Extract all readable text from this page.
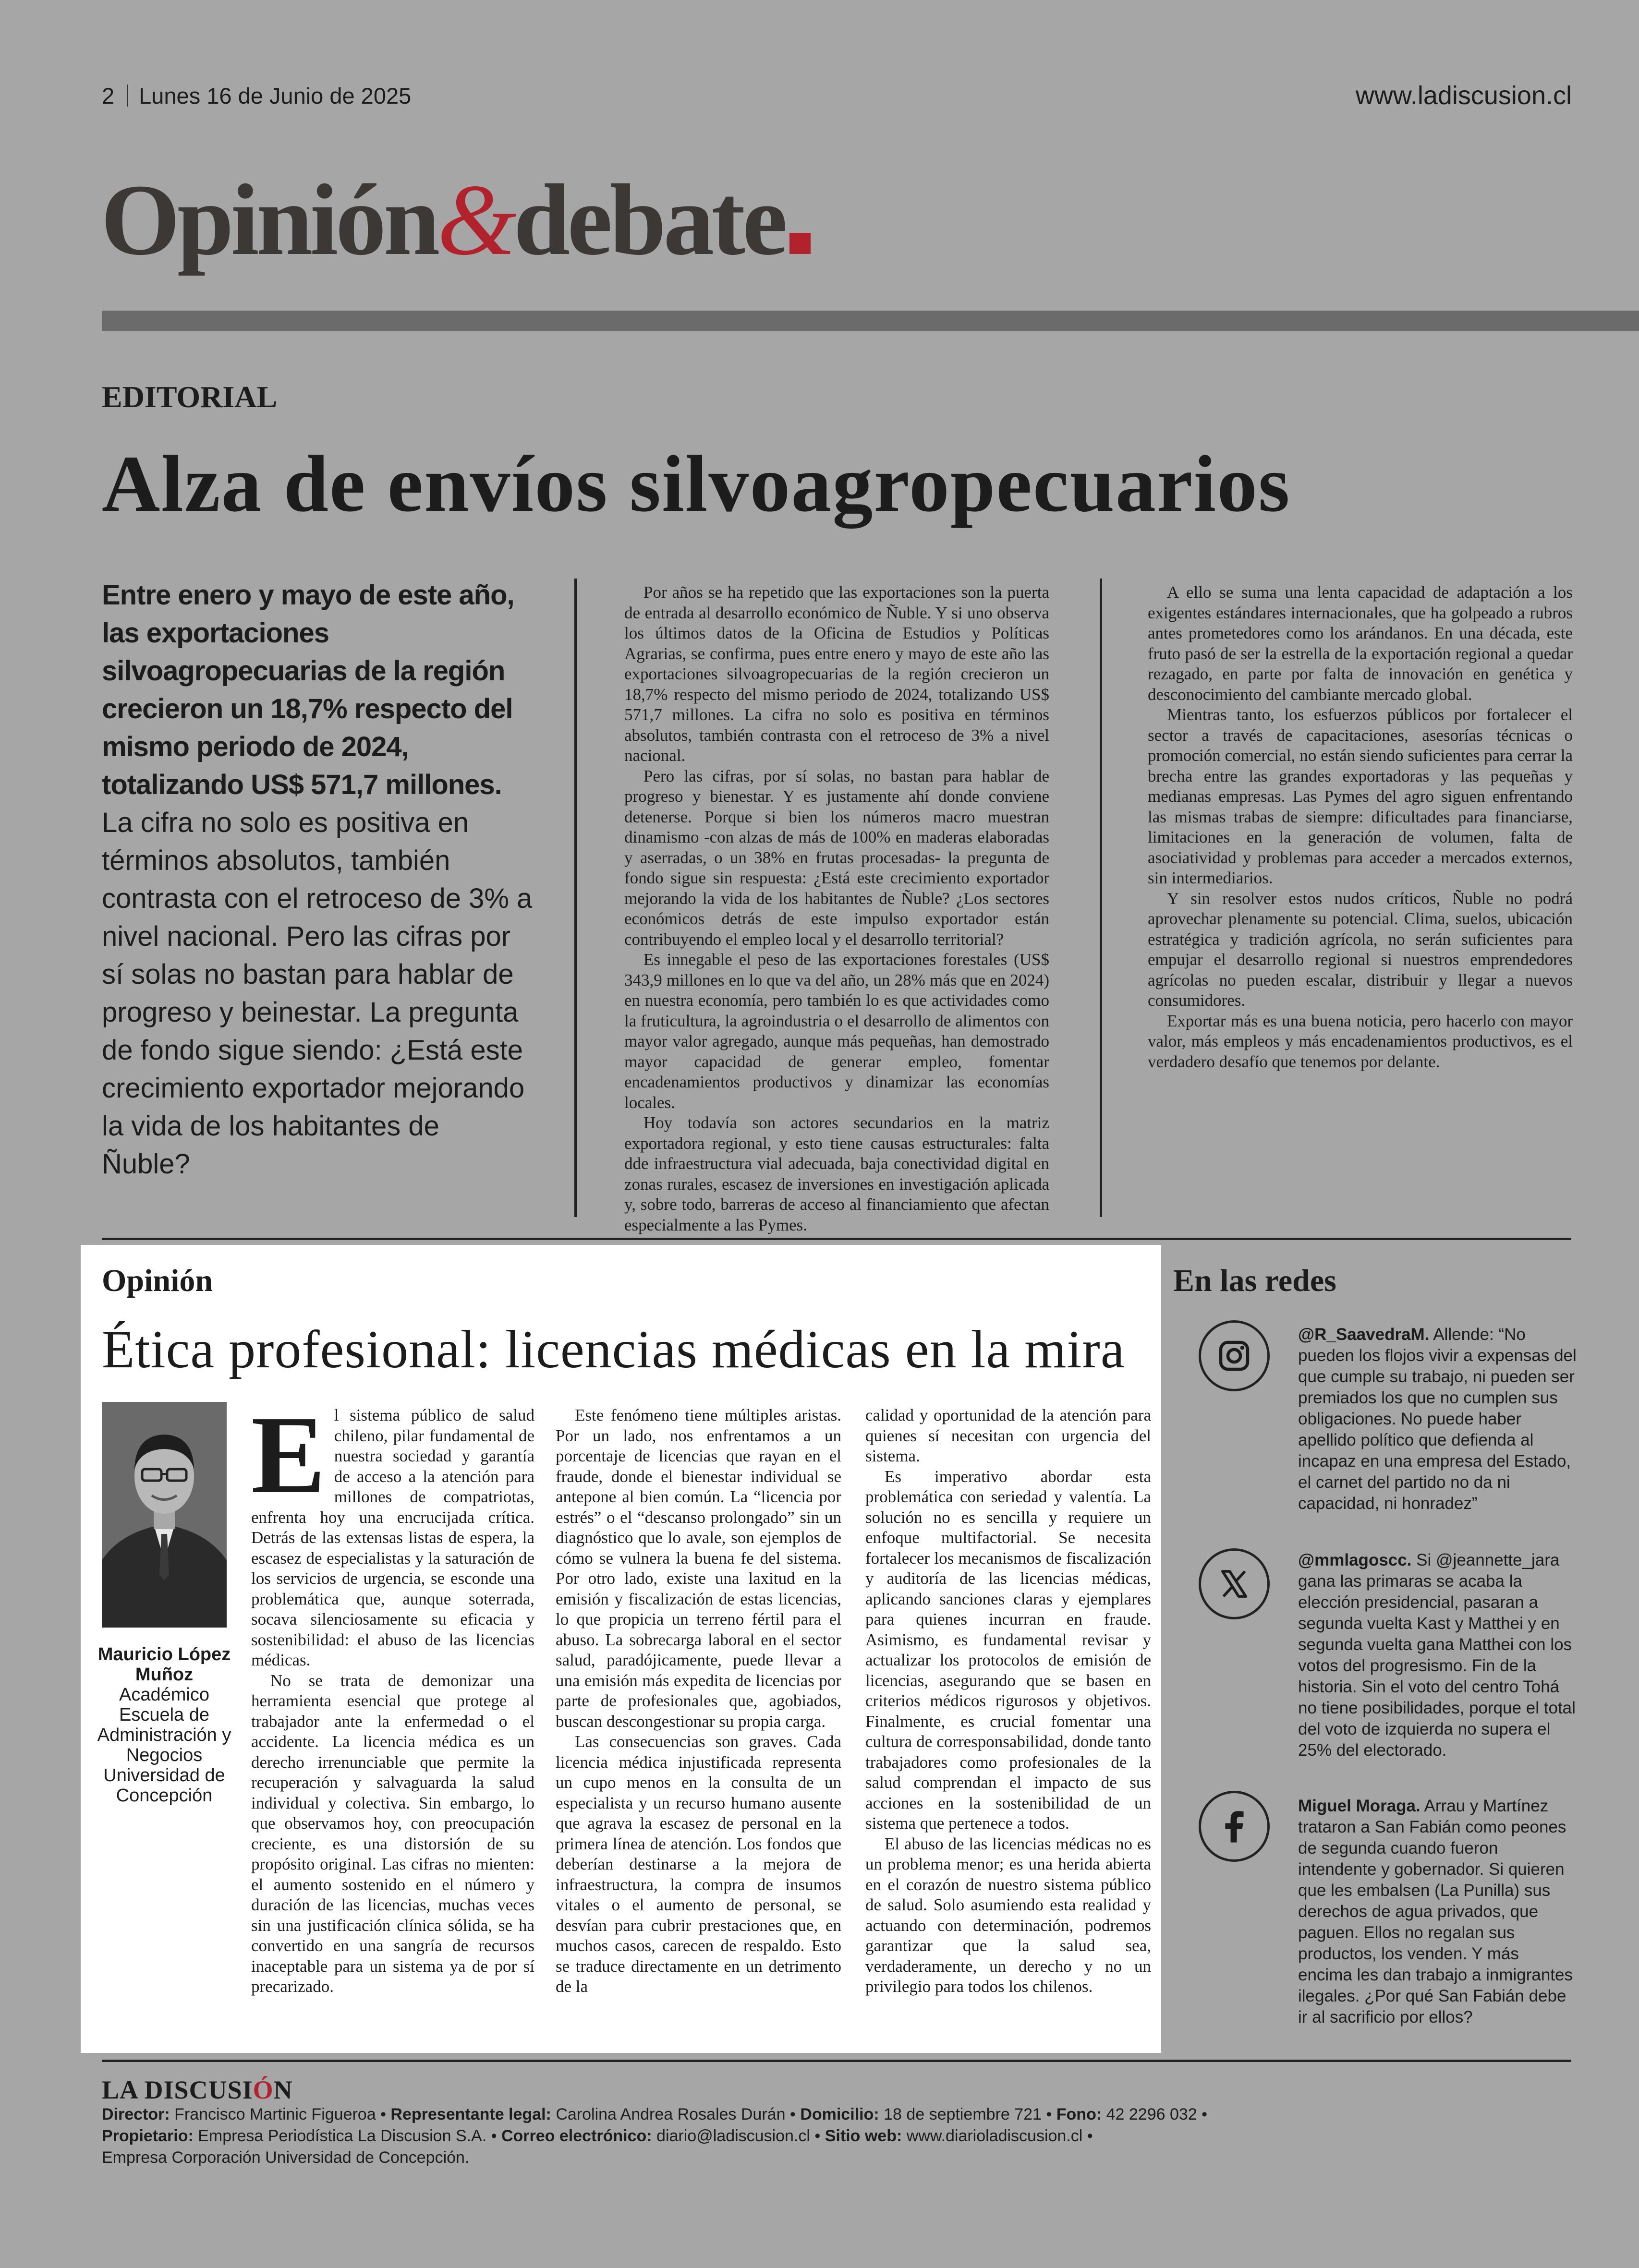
2 Lunes 16 de Junio de 2025	www.ladiscusion.cl
Opinión&debate
EDITORIAL
Alza de envíos silvoagropecuarios
Entre enero y mayo de este año, las exportaciones silvoagropecuarias de la región crecieron un 18,7% respecto del mismo periodo de 2024, totalizando US$ 571,7 millones. La cifra no solo es positiva en términos absolutos, también contrasta con el retroceso de 3% a nivel nacional. Pero las cifras por sí solas no bastan para hablar de progreso y beinestar. La pregunta de fondo sigue siendo: ¿Está este crecimiento exportador mejorando la vida de los habitantes de Ñuble?

Por años se ha repetido que las exportaciones son la puerta de entrada al desarrollo económico de Ñuble. Y si uno observa los últimos datos de la Oficina de Estudios y Políticas Agrarias, se confirma, pues entre enero y mayo de este año las exportaciones silvoagropecuarias de la región crecieron un 18,7% respecto del mismo periodo de 2024, totalizando US$ 571,7 millones. La cifra no solo es positiva en términos absolutos, también contrasta con el retroceso de 3% a nivel nacional.

Pero las cifras, por sí solas, no bastan para hablar de progreso y bienestar. Y es justamente ahí donde conviene detenerse. Porque si bien los números macro muestran dinamismo -con alzas de más de 100% en maderas elaboradas y aserradas, o un 38% en frutas procesadas- la pregunta de fondo sigue sin respuesta: ¿Está este crecimiento exportador mejorando la vida de los habitantes de Ñuble? ¿Los sectores económicos detrás de este impulso exportador están contribuyendo el empleo local y el desarrollo territorial?

Es innegable el peso de las exportaciones forestales (US$ 343,9 millones en lo que va del año, un 28% más que en 2024) en nuestra economía, pero también lo es que actividades como la fruticultura, la agroindustria o el desarrollo de alimentos con mayor valor agregado, aunque más pequeñas, han demostrado mayor capacidad de generar empleo, fomentar encadenamientos productivos y dinamizar las economías locales.

Hoy todavía son actores secundarios en la matriz exportadora regional, y esto tiene causas estructurales: falta dde infraestructura vial adecuada, baja conectividad digital en zonas rurales, escasez de inversiones en investigación aplicada y, sobre todo, barreras de acceso al financiamiento que afectan especialmente a las Pymes.

A ello se suma una lenta capacidad de adaptación a los exigentes estándares internacionales, que ha golpeado a rubros antes prometedores como los arándanos. En una década, este fruto pasó de ser la estrella de la exportación regional a quedar rezagado, en parte por falta de innovación en genética y desconocimiento del cambiante mercado global.

Mientras tanto, los esfuerzos públicos por fortalecer el sector a través de capacitaciones, asesorías técnicas o promoción comercial, no están siendo suficientes para cerrar la brecha entre las grandes exportadoras y las pequeñas y medianas empresas. Las Pymes del agro siguen enfrentando las mismas trabas de siempre: dificultades para financiarse, limitaciones en la generación de volumen, falta de asociatividad y problemas para acceder a mercados externos, sin intermediarios.

Y sin resolver estos nudos críticos, Ñuble no podrá aprovechar plenamente su potencial. Clima, suelos, ubicación estratégica y tradición agrícola, no serán suficientes para empujar el desarrollo regional si nuestros emprendedores agrícolas no pueden escalar, distribuir y llegar a nuevos consumidores.

Exportar más es una buena noticia, pero hacerlo con mayor valor, más empleos y más encadenamientos productivos, es el verdadero desafío que tenemos por delante.

Opinión
Ética profesional: licencias médicas en la mira
Mauricio López Muñoz
Académico Escuela de Administración y Negocios Universidad de Concepción

El sistema público de salud chileno, pilar fundamental de nuestra sociedad y garantía de acceso a la atención para millones de compatriotas, enfrenta hoy una encrucijada crítica. Detrás de las extensas listas de espera, la escasez de especialistas y la saturación de los servicios de urgencia, se esconde una problemática que, aunque soterrada, socava silenciosamente su eficacia y sostenibilidad: el abuso de las licencias médicas.

No se trata de demonizar una herramienta esencial que protege al trabajador ante la enfermedad o el accidente. La licencia médica es un derecho irrenunciable que permite la recuperación y salvaguarda la salud individual y colectiva. Sin embargo, lo que observamos hoy, con preocupación creciente, es una distorsión de su propósito original. Las cifras no mienten: el aumento sostenido en el número y duración de las licencias, muchas veces sin una justificación clínica sólida, se ha convertido en una sangría de recursos inaceptable para un sistema ya de por sí precarizado.

Este fenómeno tiene múltiples aristas. Por un lado, nos enfrentamos a un porcentaje de licencias que rayan en el fraude, donde el bienestar individual se antepone al bien común. La “licencia por estrés” o el “descanso prolongado” sin un diagnóstico que lo avale, son ejemplos de cómo se vulnera la buena fe del sistema. Por otro lado, existe una laxitud en la emisión y fiscalización de estas licencias, lo que propicia un terreno fértil para el abuso. La sobrecarga laboral en el sector salud, paradójicamente, puede llevar a una emisión más expedita de licencias por parte de profesionales que, agobiados, buscan descongestionar su propia carga.

Las consecuencias son graves. Cada licencia médica injustificada representa un cupo menos en la consulta de un especialista y un recurso humano ausente que agrava la escasez de personal en la primera línea de atención. Los fondos que deberían destinarse a la mejora de infraestructura, la compra de insumos vitales o el aumento de personal, se desvían para cubrir prestaciones que, en muchos casos, carecen de respaldo. Esto se traduce directamente en un detrimento de la

calidad y oportunidad de la atención para quienes sí necesitan con urgencia del sistema.

Es imperativo abordar esta problemática con seriedad y valentía. La solución no es sencilla y requiere un enfoque multifactorial. Se necesita fortalecer los mecanismos de fiscalización y auditoría de las licencias médicas, aplicando sanciones claras y ejemplares para quienes incurran en fraude. Asimismo, es fundamental revisar y actualizar los protocolos de emisión de licencias, asegurando que se basen en criterios médicos rigurosos y objetivos. Finalmente, es crucial fomentar una cultura de corresponsabilidad, donde tanto trabajadores como profesionales de la salud comprendan el impacto de sus acciones en la sostenibilidad de un sistema que pertenece a todos.

El abuso de las licencias médicas no es un problema menor; es una herida abierta en el corazón de nuestro sistema público de salud. Solo asumiendo esta realidad y actuando con determinación, podremos garantizar que la salud sea, verdaderamente, un derecho y no un privilegio para todos los chilenos.

En las redes
@R_SaavedraM. Allende: “No pueden los flojos vivir a expensas del que cumple su trabajo, ni pueden ser premiados los que no cumplen sus obligaciones. No puede haber apellido político que defienda al incapaz en una empresa del Estado, el carnet del partido no da ni capacidad, ni honradez”
@mmlagoscc. Si @jeannette_jara gana las primaras se acaba la elección presidencial, pasaran a segunda vuelta Kast y Matthei y en segunda vuelta gana Matthei con los votos del progresismo. Fin de la historia. Sin el voto del centro Tohá no tiene posibilidades, porque el total del voto de izquierda no supera el 25% del electorado.
Miguel Moraga. Arrau y Martínez trataron a San Fabián como peones de segunda cuando fueron intendente y gobernador. Si quieren que les embalsen (La Punilla) sus derechos de agua privados, que paguen. Ellos no regalan sus productos, los venden. Y más encima les dan trabajo a inmigrantes ilegales. ¿Por qué San Fabián debe ir al sacrificio por ellos?
LA DISCUSIÓN
Director: Francisco Martinic Figueroa • Representante legal: Carolina Andrea Rosales Durán • Domicilio: 18 de septiembre 721 • Fono: 42 2296 032 •
Propietario: Empresa Periodística La Discusion S.A. • Correo electrónico: diario@ladiscusion.cl • Sitio web: www.diarioladiscusion.cl •
Empresa Corporación Universidad de Concepción.
